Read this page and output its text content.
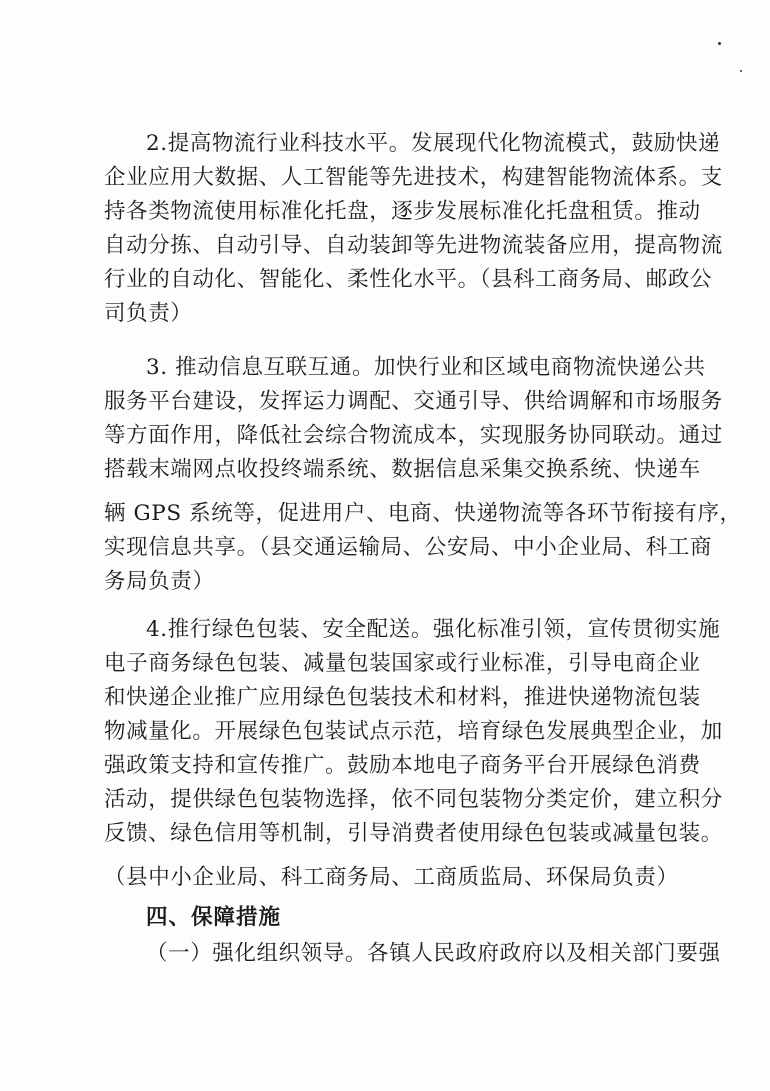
2.提高物流行业科技水平。发展现代化物流模式，鼓励快递
企业应用大数据、人工智能等先进技术，构建智能物流体系。支
持各类物流使用标准化托盘，逐步发展标准化托盘租赁。推动
自动分拣、自动引导、自动装卸等先进物流装备应用，提高物流
行业的自动化、智能化、柔性化水平。（县科工商务局、邮政公
司负责）
3. 推动信息互联互通。加快行业和区域电商物流快递公共
服务平台建设，发挥运力调配、交通引导、供给调解和市场服务
等方面作用，降低社会综合物流成本，实现服务协同联动。通过
搭载末端网点收投终端系统、数据信息采集交换系统、快递车
辆 GPS 系统等，促进用户、电商、快递物流等各环节衔接有序，
实现信息共享。（县交通运输局、公安局、中小企业局、科工商
务局负责）
4.推行绿色包装、安全配送。强化标准引领，宣传贯彻实施
电子商务绿色包装、减量包装国家或行业标准，引导电商企业
和快递企业推广应用绿色包装技术和材料，推进快递物流包装
物减量化。开展绿色包装试点示范，培育绿色发展典型企业，加
强政策支持和宣传推广。鼓励本地电子商务平台开展绿色消费
活动，提供绿色包装物选择，依不同包装物分类定价，建立积分
反馈、绿色信用等机制，引导消费者使用绿色包装或减量包装。
（县中小企业局、科工商务局、工商质监局、环保局负责）
四、保障措施
（一）强化组织领导。各镇人民政府政府以及相关部门要强
